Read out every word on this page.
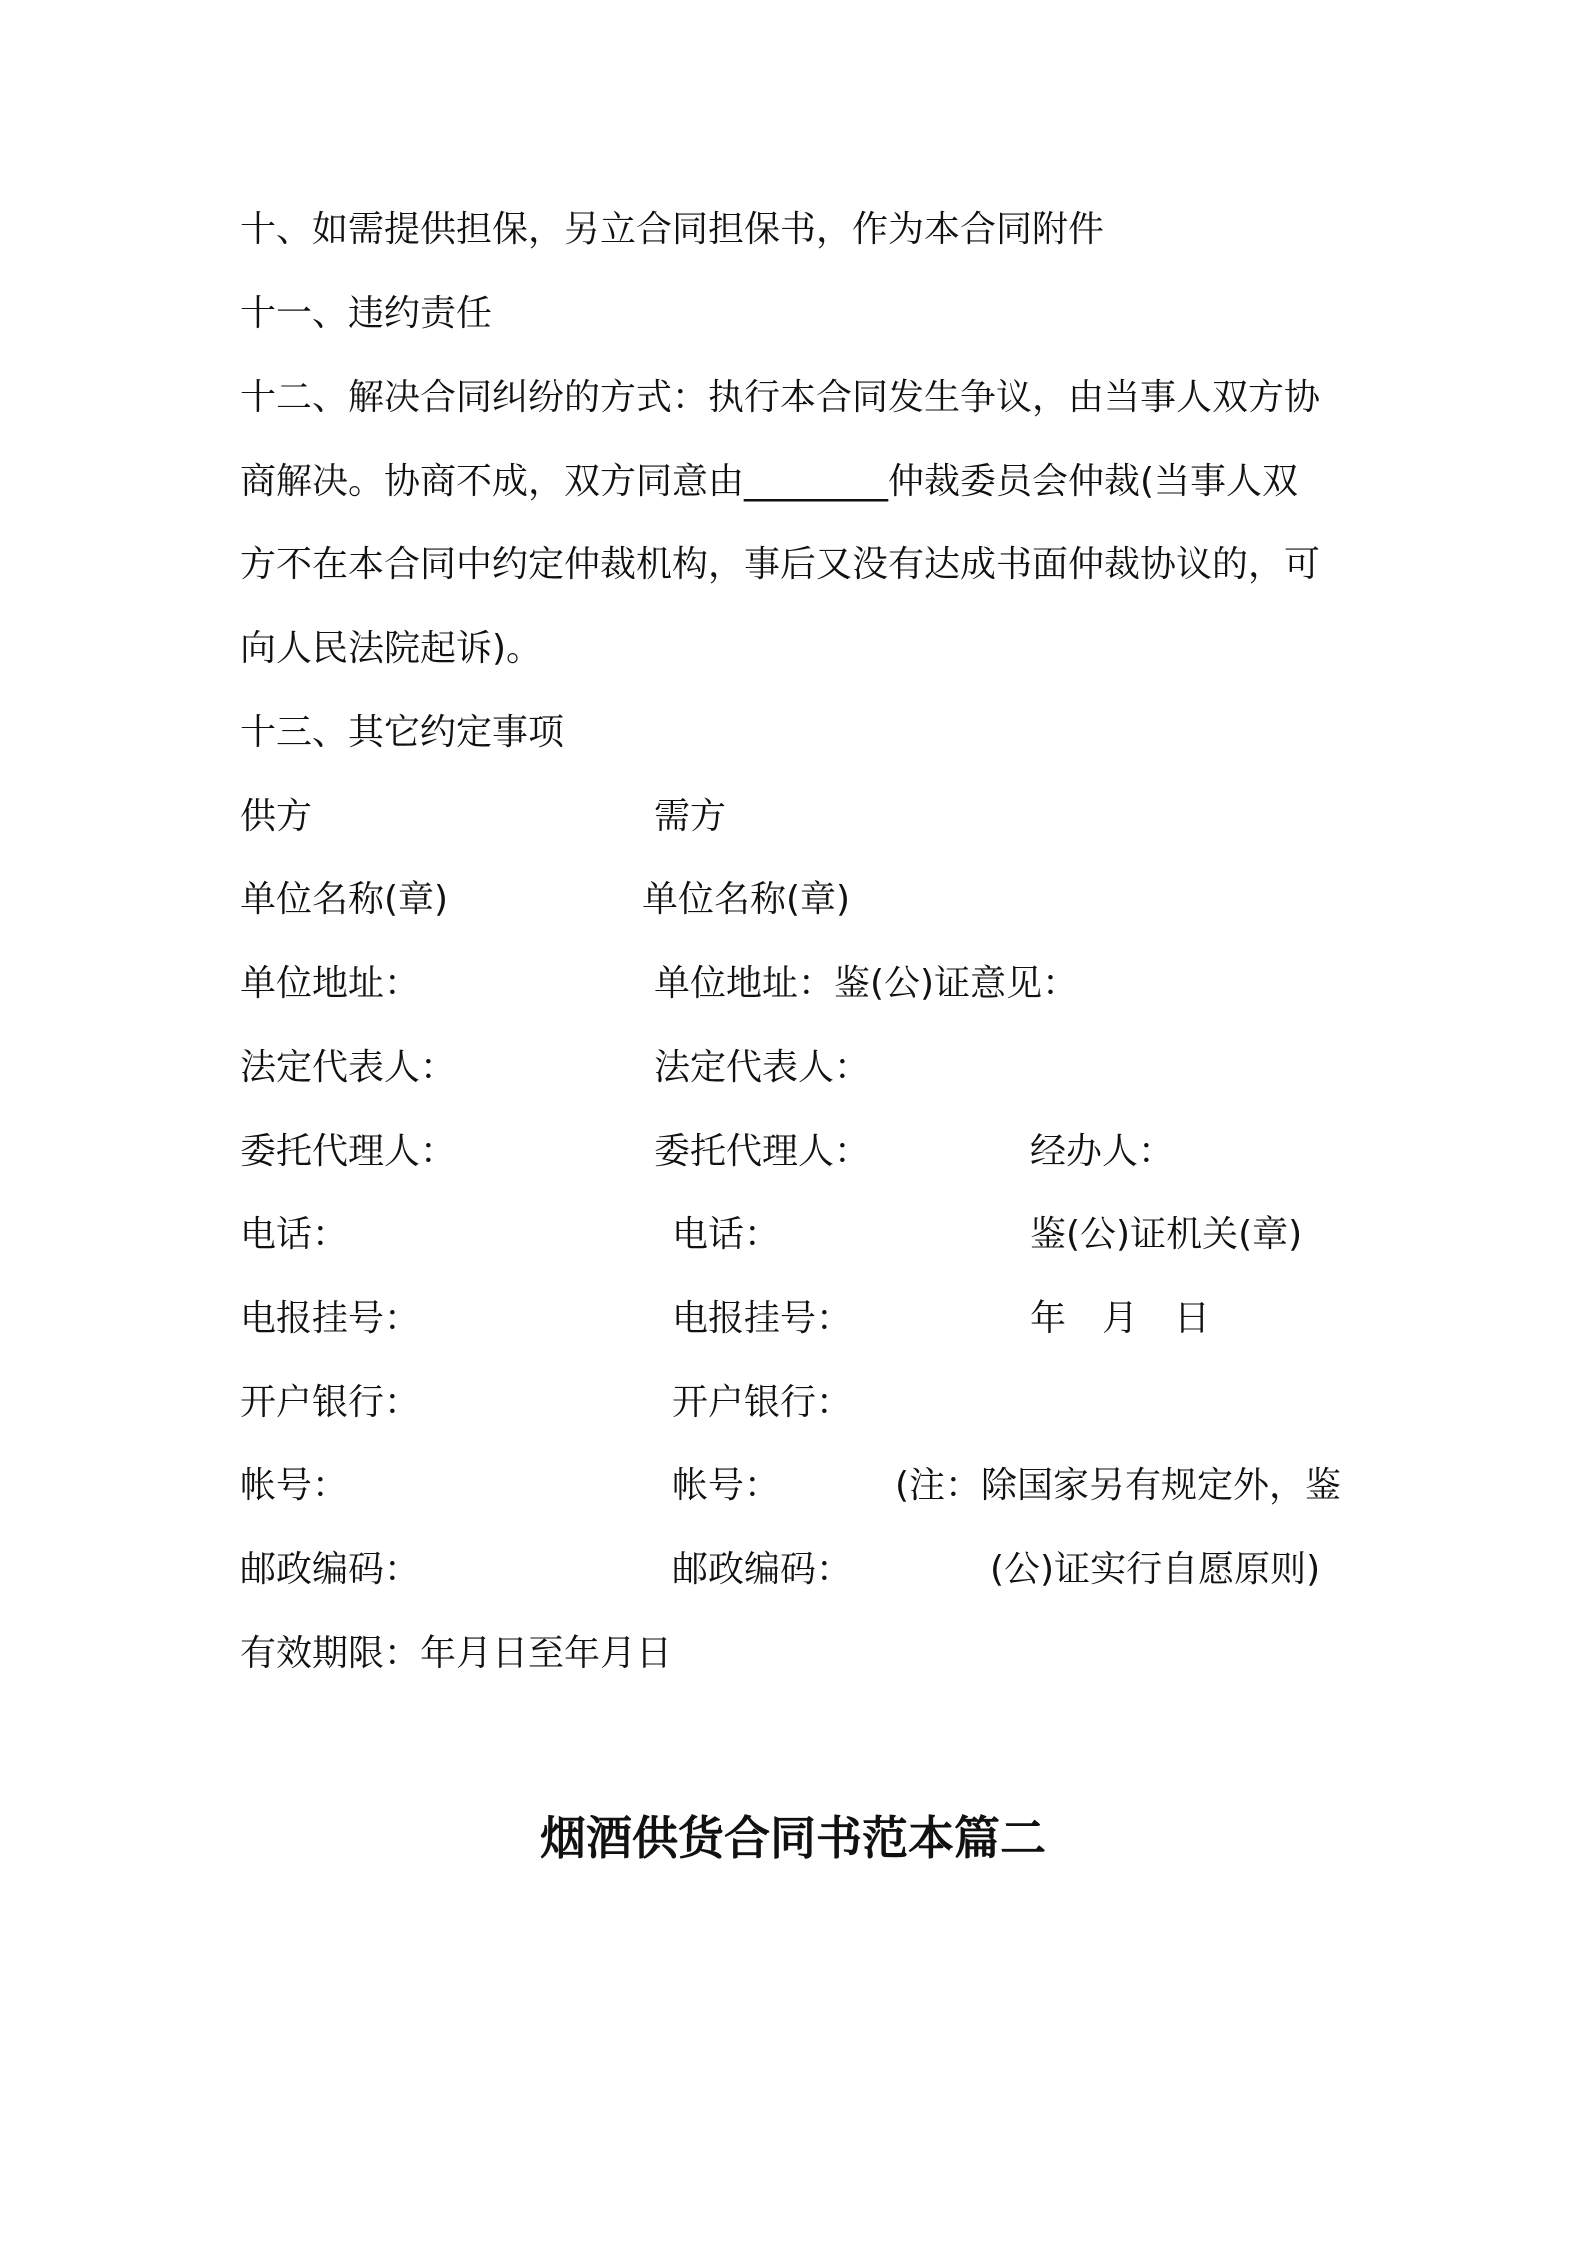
十、如需提供担保，另立合同担保书，作为本合同附件
十一、违约责任
十二、解决合同纠纷的方式：执行本合同发生争议，由当事人双方协
商解决。协商不成，双方同意由________仲裁委员会仲裁(当事人双
方不在本合同中约定仲裁机构，事后又没有达成书面仲裁协议的，可
向人民法院起诉)。
十三、其它约定事项
供方	需方
单位名称(章)	单位名称(章)
单位地址：	单位地址：鉴(公)证意见：
法定代表人：	法定代表人：
委托代理人：	委托代理人：	经办人：
电话：	电话：	鉴(公)证机关(章)
电报挂号：	电报挂号：	年　月　日
开户银行：	开户银行：
帐号：	帐号：	(注：除国家另有规定外，鉴
邮政编码：	邮政编码：	(公)证实行自愿原则)
有效期限：年月日至年月日
烟酒供货合同书范本篇二
